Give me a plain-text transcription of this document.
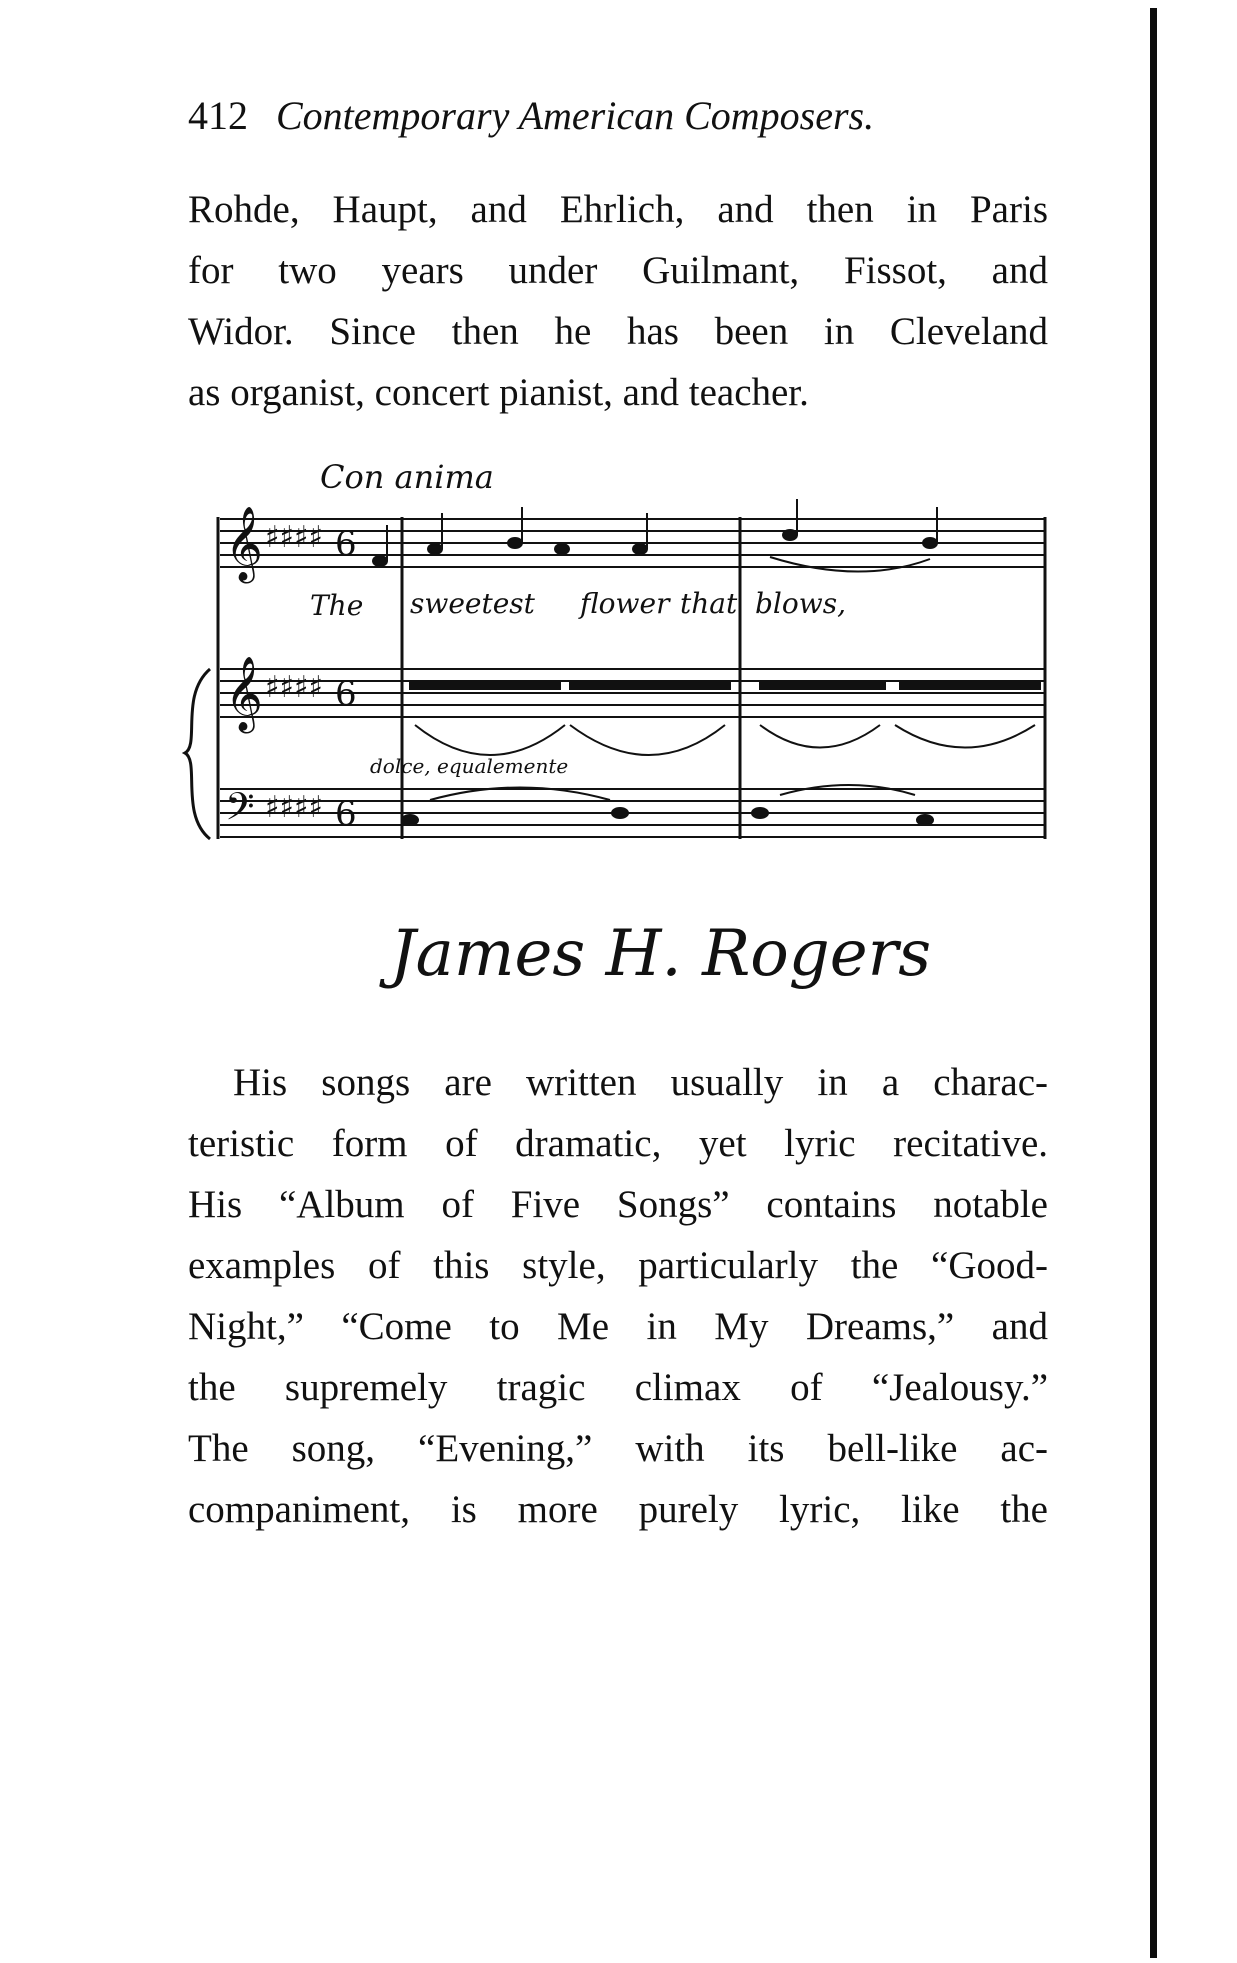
412 Contemporary American Composers.
Rohde, Haupt, and Ehrlich, and then in Paris
for two years under Guilmant, Fissot, and
Widor. Since then he has been in Cleveland
as organist, concert pianist, and teacher.
𝄞
𝄞
𝄢
♯♯♯♯
♯♯♯♯
♯♯♯♯
6
6
6
Con anima
The sweetest flower that blows,
dolce, equalemente
James H. Rogers
His songs are written usually in a charac-
teristic form of dramatic, yet lyric recitative.
His “Album of Five Songs” contains notable
examples of this style, particularly the “Good-
Night,” “Come to Me in My Dreams,” and
the supremely tragic climax of “Jealousy.”
The song, “Evening,” with its bell-like ac-
companiment, is more purely lyric, like the
